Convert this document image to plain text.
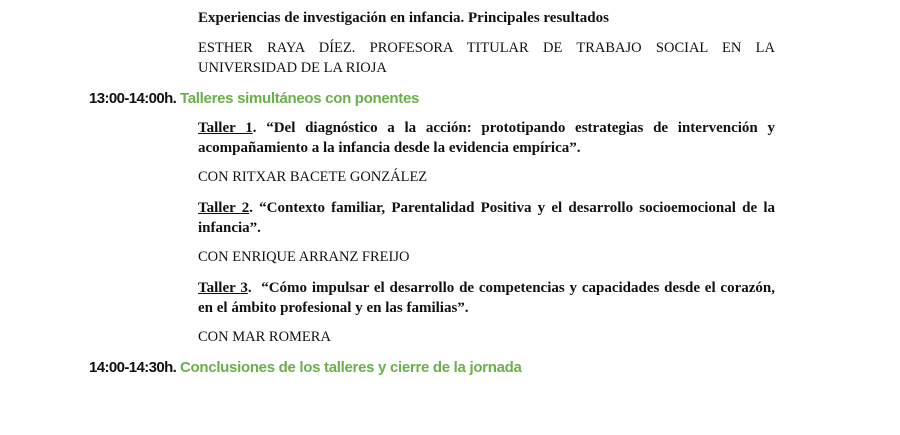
Experiencias de investigación en infancia. Principales resultados
ESTHER RAYA DÍEZ. PROFESORA TITULAR DE TRABAJO SOCIAL EN LA UNIVERSIDAD DE LA RIOJA
13:00-14:00h. Talleres simultáneos con ponentes
Taller 1. “Del diagnóstico a la acción: prototipando estrategias de intervención y acompañamiento a la infancia desde la evidencia empírica”.
CON RITXAR BACETE GONZÁLEZ
Taller 2. “Contexto familiar, Parentalidad Positiva y el desarrollo socioemocional de la infancia”.
CON ENRIQUE ARRANZ FREIJO
Taller 3.  “Cómo impulsar el desarrollo de competencias y capacidades desde el corazón, en el ámbito profesional y en las familias”.
CON MAR ROMERA
14:00-14:30h. Conclusiones de los talleres y cierre de la jornada
